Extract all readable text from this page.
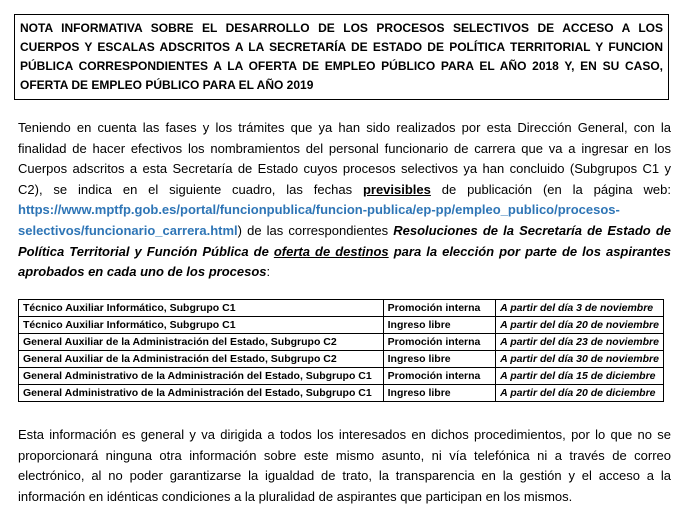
NOTA INFORMATIVA SOBRE EL DESARROLLO DE LOS PROCESOS SELECTIVOS DE ACCESO A LOS CUERPOS Y ESCALAS ADSCRITOS A LA SECRETARÍA DE ESTADO DE POLÍTICA TERRITORIAL Y FUNCION PÚBLICA CORRESPONDIENTES A LA OFERTA DE EMPLEO PÚBLICO PARA EL AÑO 2018 Y, EN SU CASO, OFERTA DE EMPLEO PÚBLICO PARA EL AÑO 2019
Teniendo en cuenta las fases y los trámites que ya han sido realizados por esta Dirección General, con la finalidad de hacer efectivos los nombramientos del personal funcionario de carrera que va a ingresar en los Cuerpos adscritos a esta Secretaría de Estado cuyos procesos selectivos ya han concluido (Subgrupos C1 y C2), se indica en el siguiente cuadro, las fechas previsibles de publicación (en la página web: https://www.mptfp.gob.es/portal/funcionpublica/funcion-publica/ep-pp/empleo_publico/procesos-selectivos/funcionario_carrera.html) de las correspondientes Resoluciones de la Secretaría de Estado de Política Territorial y Función Pública de oferta de destinos para la elección por parte de los aspirantes aprobados en cada uno de los procesos:
Técnico Auxiliar Informático, Subgrupo C1	Promoción interna	A partir del día 3 de noviembre
Técnico Auxiliar Informático, Subgrupo C1	Ingreso libre	A partir del día 20 de noviembre
General Auxiliar de la Administración del Estado, Subgrupo C2	Promoción interna	A partir del día 23 de noviembre
General Auxiliar de la Administración del Estado, Subgrupo C2	Ingreso libre	A partir del día 30 de noviembre
General Administrativo de la Administración del Estado, Subgrupo C1	Promoción interna	A partir del día 15 de diciembre
General Administrativo de la Administración del Estado, Subgrupo C1	Ingreso libre	A partir del día 20 de diciembre
Esta información es general y va dirigida a todos los interesados en dichos procedimientos, por lo que no se proporcionará ninguna otra información sobre este mismo asunto, ni vía telefónica ni a través de correo electrónico, al no poder garantizarse la igualdad de trato, la transparencia en la gestión y el acceso a la información en idénticas condiciones a la pluralidad de aspirantes que participan en los mismos.
